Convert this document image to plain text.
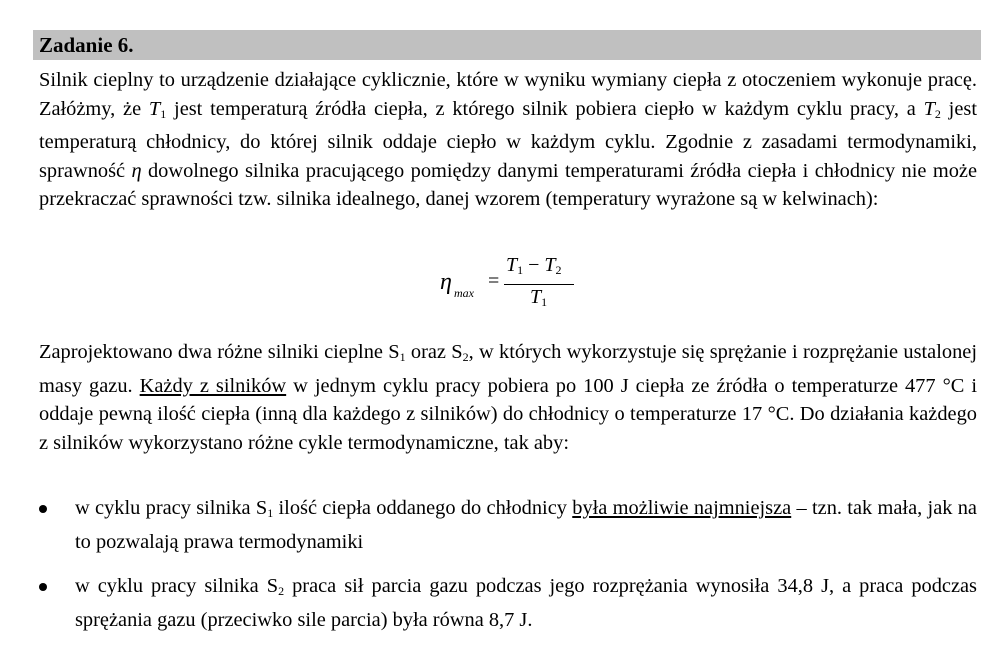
Zadanie 6.
Silnik cieplny to urządzenie działające cyklicznie, które w wyniku wymiany ciepła z otoczeniem wykonuje pracę. Załóżmy, że $T_1$ jest temperaturą źródła ciepła, z którego silnik pobiera ciepło w każdym cyklu pracy, a $T_2$ jest temperaturą chłodnicy, do której silnik oddaje ciepło w każdym cyklu. Zgodnie z zasadami termodynamiki, sprawność η dowolnego silnika pracującego pomiędzy danymi temperaturami źródła ciepła i chłodnicy nie może przekraczać sprawności tzw. silnika idealnego, danej wzorem (temperatury wyrażone są w kelwinach):
η max
=
$T_1 - T_2$
$T_1$
Zaprojektowano dwa różne silniki cieplne $S_1$ oraz $S_2$, w których wykorzystuje się sprężanie i rozprężanie ustalonej masy gazu. Każdy z silników w jednym cyklu pracy pobiera po 100 J ciepła ze źródła o temperaturze 477 °C i oddaje pewną ilość ciepła (inną dla każdego z silników) do chłodnicy o temperaturze 17 °C. Do działania każdego z silników wykorzystano różne cykle termodynamiczne, tak aby:
w cyklu pracy silnika $S_1$ ilość ciepła oddanego do chłodnicy była możliwie najmniejsza – tzn. tak mała, jak na to pozwalają prawa termodynamiki
w cyklu pracy silnika $S_2$ praca sił parcia gazu podczas jego rozprężania wynosiła 34,8 J, a praca podczas sprężania gazu (przeciwko sile parcia) była równa 8,7 J.
